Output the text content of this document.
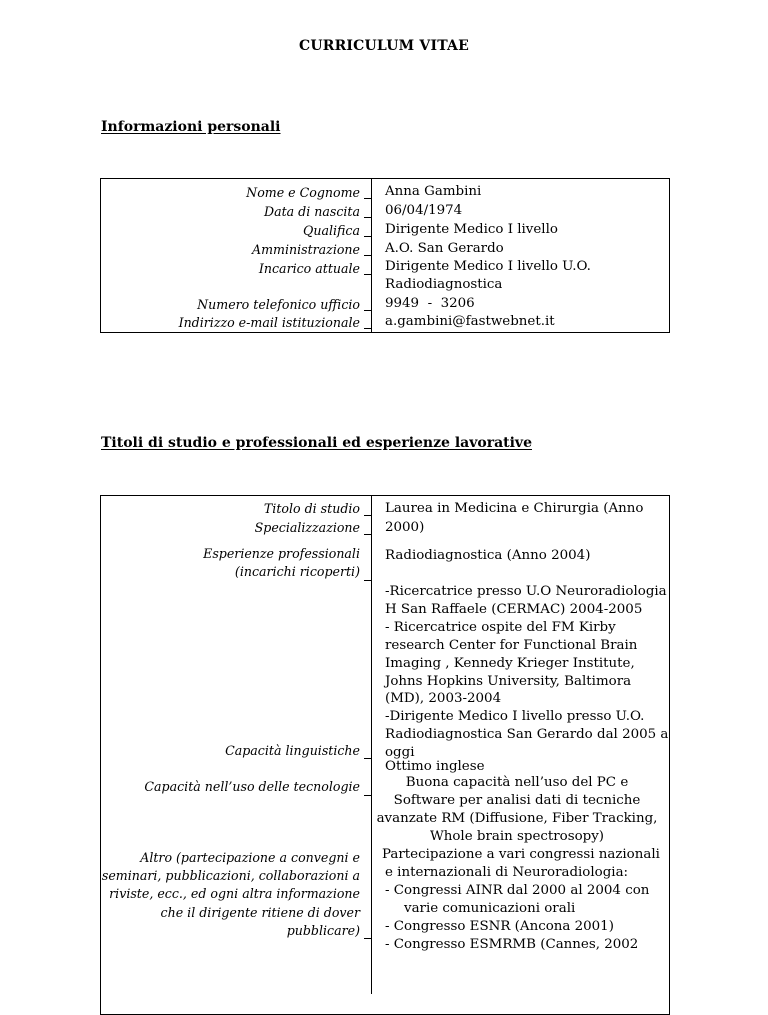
CURRICULUM VITAE
Informazioni personali
Nome e Cognome
Data di nascita
Qualifica
Amministrazione
Incarico attuale
Numero telefonico ufficio
Indirizzo e-mail istituzionale
Anna Gambini
06/04/1974
Dirigente Medico I livello
A.O. San Gerardo
Dirigente Medico I livello U.O.
Radiodiagnostica
9949  -  3206
a.gambini@fastwebnet.it
Titoli di studio e professionali ed esperienze lavorative
Titolo di studio
Specializzazione
Esperienze professionali
(incarichi ricoperti)
Capacità linguistiche
Capacità nell’uso delle tecnologie
Altro (partecipazione a convegni e
seminari, pubblicazioni, collaborazioni a
riviste, ecc., ed ogni altra informazione
che il dirigente ritiene di dover
pubblicare)
Laurea in Medicina e Chirurgia (Anno
2000)
Radiodiagnostica (Anno 2004)
-Ricercatrice presso U.O Neuroradiologia
H San Raffaele (CERMAC) 2004-2005
- Ricercatrice ospite del FM Kirby
research Center for Functional Brain
Imaging , Kennedy Krieger Institute,
Johns Hopkins University, Baltimora
(MD), 2003-2004
-Dirigente Medico I livello presso U.O.
Radiodiagnostica San Gerardo dal 2005 a
oggi
Ottimo inglese
Buona capacità nell’uso del PC e
Software per analisi dati di tecniche
avanzate RM (Diffusione, Fiber Tracking,
Whole brain spectrosopy)
Partecipazione a vari congressi nazionali
e internazionali di Neuroradiologia:
- Congressi AINR dal 2000 al 2004 con
varie comunicazioni orali
- Congresso ESNR (Ancona 2001)
- Congresso ESMRMB (Cannes, 2002
